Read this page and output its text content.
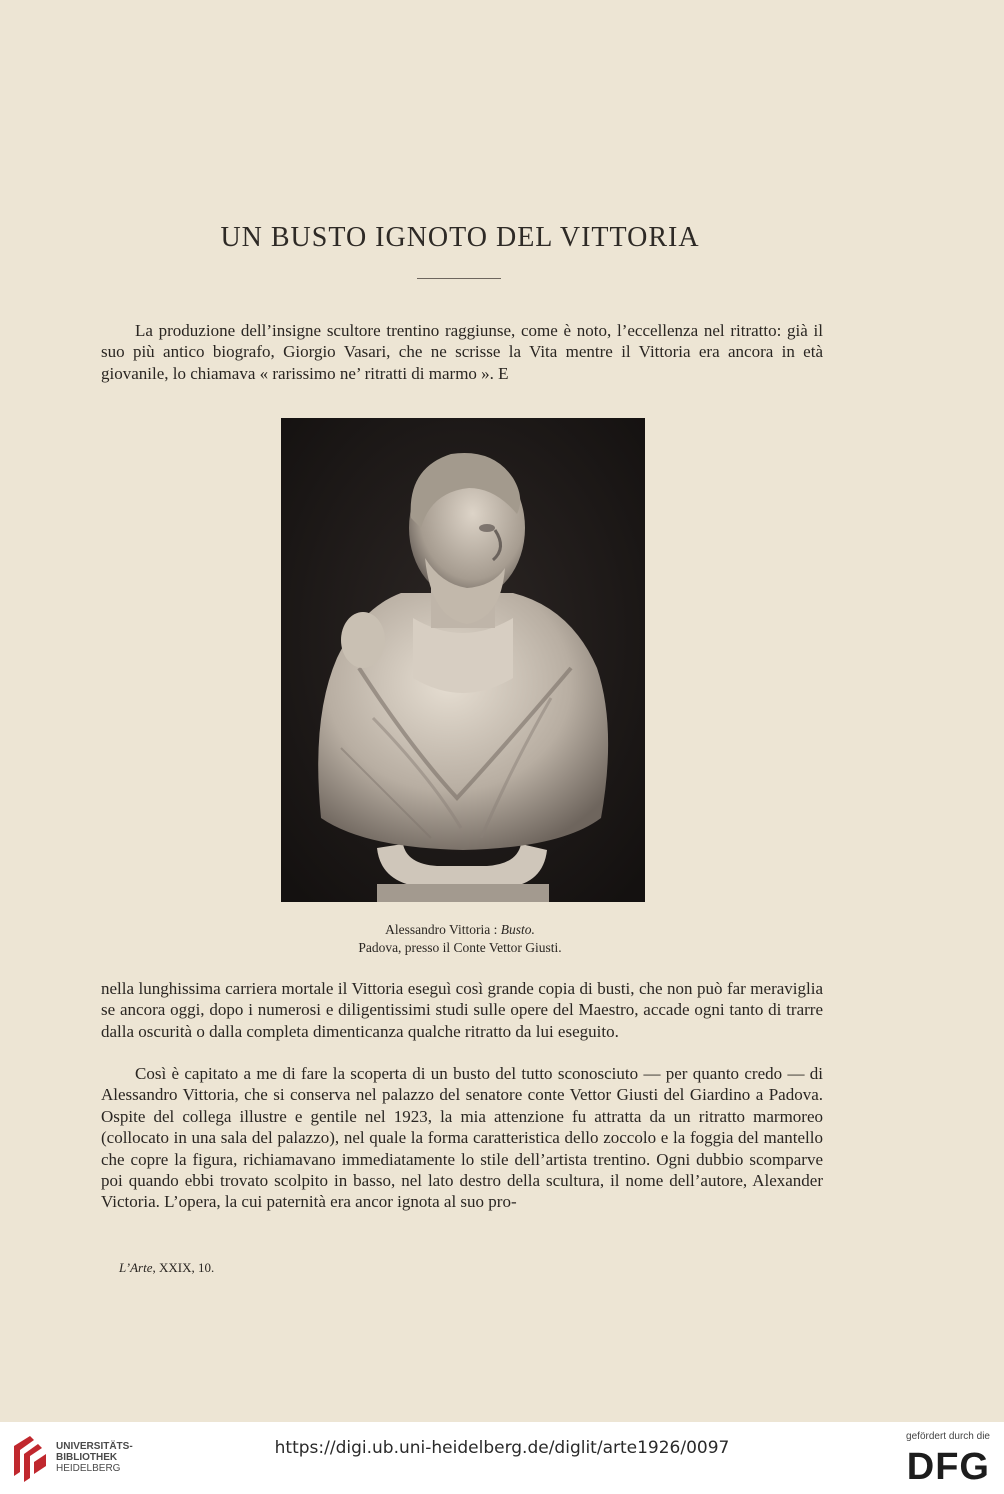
UN BUSTO IGNOTO DEL VITTORIA
La produzione dell’insigne scultore trentino raggiunse, come è noto, l’eccellenza nel ritratto: già il suo più antico biografo, Giorgio Vasari, che ne scrisse la Vita mentre il Vittoria era ancora in età giovanile, lo chiamava « rarissimo ne’ ritratti di marmo ». E
Alessandro Vittoria : Busto.
Padova, presso il Conte Vettor Giusti.
nella lunghissima carriera mortale il Vittoria eseguì così grande copia di busti, che non può far meraviglia se ancora oggi, dopo i numerosi e diligentissimi studi sulle opere del Maestro, accade ogni tanto di trarre dalla oscurità o dalla completa dimenticanza qualche ritratto da lui eseguito.
Così è capitato a me di fare la scoperta di un busto del tutto sconosciuto — per quanto credo — di Alessandro Vittoria, che si conserva nel palazzo del senatore conte Vettor Giusti del Giardino a Padova. Ospite del collega illustre e gentile nel 1923, la mia attenzione fu attratta da un ritratto marmoreo (collocato in una sala del palazzo), nel quale la forma caratteristica dello zoccolo e la foggia del mantello che copre la figura, richiamavano immediatamente lo stile dell’artista trentino. Ogni dubbio scomparve poi quando ebbi trovato scolpito in basso, nel lato destro della scultura, il nome dell’autore, Alexander Victoria. L’opera, la cui paternità era ancor ignota al suo pro-
L’Arte, XXIX, 10.
UNIVERSITÄTS-
BIBLIOTHEK
HEIDELBERG
https://digi.ub.uni-heidelberg.de/diglit/arte1926/0097
gefördert durch die
DFG
